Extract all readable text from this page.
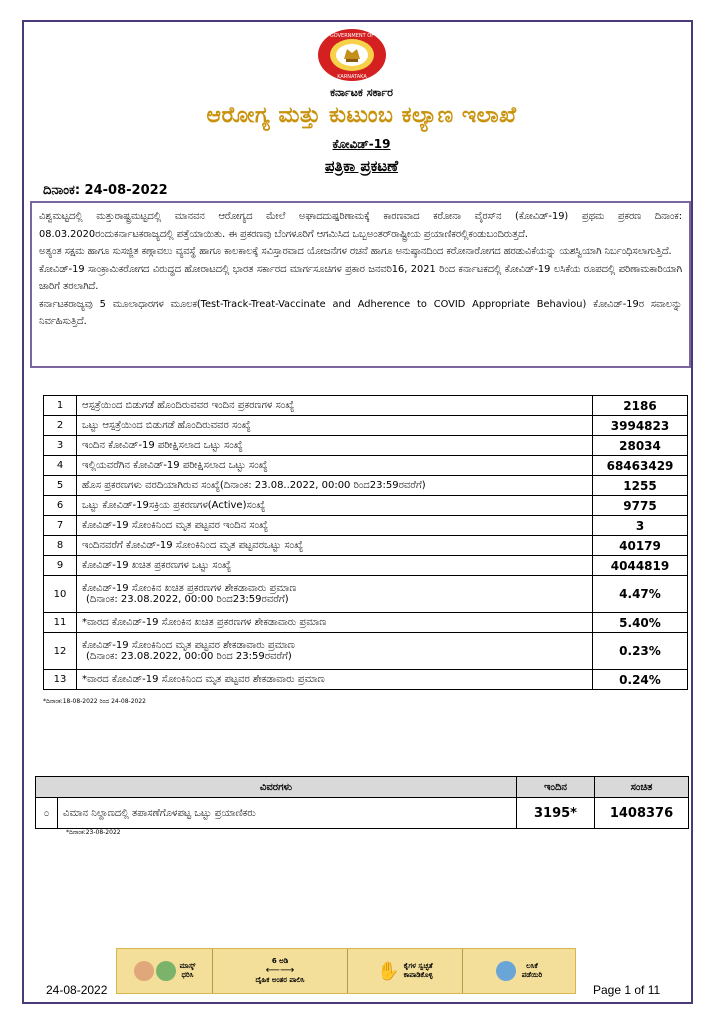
GOVERNMENT OF
KARNATAKA
ಕರ್ನಾಟಕ ಸರ್ಕಾರ
ಆರೋಗ್ಯ ಮತ್ತು ಕುಟುಂಬ ಕಲ್ಯಾಣ ಇಲಾಖೆ
ಕೋವಿಡ್-19
ಪತ್ರಿಕಾ ಪ್ರಕಟಣೆ
ದಿನಾಂಕ: 24-08-2022

ವಿಶ್ವಮಟ್ಟದಲ್ಲಿ ಮತ್ತುರಾಷ್ಟ್ರಮಟ್ಟದಲ್ಲಿ ಮಾನವನ ಆರೋಗ್ಯದ ಮೇಲೆ ಅಘಾದದುಷ್ಪರಿಣಾಮಕ್ಕೆ ಕಾರಣವಾದ ಕರೋನಾ ವೈರಸ್‌ನ (ಕೋವಿಡ್-19) ಪ್ರಥಮ ಪ್ರಕರಣ ದಿನಾಂಕ: 08.03.2020ರಂದುಕರ್ನಾಟಕರಾಜ್ಯದಲ್ಲಿ ಪತ್ತೆಯಾಯಿತು. ಈ ಪ್ರಕರಣವು ಬೆಂಗಳೂರಿಗೆ ಆಗಮಿಸಿದ ಒಬ್ಬಅಂತರ್‌ರಾಷ್ಟ್ರೀಯ ಪ್ರಯಾಣಿಕರಲ್ಲಿಕಂಡುಬಂದಿರುತ್ತದೆ.

ಅತ್ಯಂತ ಸಕ್ಷಮ ಹಾಗೂ ಸುಸಜ್ಜಿತ ಕಣ್ಗಾವಲು ವ್ಯವಸ್ಥೆ ಹಾಗೂ ಕಾಲಕಾಲಕ್ಕೆ ಸವಿಸ್ತಾರವಾದ ಯೋಜನೆಗಳ ರಚನೆ ಹಾಗೂ ಅನುಷ್ಠಾನದಿಂದ ಕರೋನಾರೋಗದ ಹರಡುವಿಕೆಯನ್ನು ಯಶಸ್ವಿಯಾಗಿ ನಿರ್ಬಂಧಿಸಲಾಗುತ್ತಿದೆ.

ಕೋವಿಡ್-19 ಸಾಂಕ್ರಾಮಿಕರೋಗದ ವಿರುದ್ಧದ ಹೋರಾಟದಲ್ಲಿ ಭಾರತ ಸರ್ಕಾರದ ಮಾರ್ಗಸೂಚಿಗಳ ಪ್ರಕಾರ ಜನವರಿ16, 2021 ರಿಂದ ಕರ್ನಾಟಕದಲ್ಲಿ ಕೋವಿಡ್-19 ಲಸಿಕೆಯ ರೂಪದಲ್ಲಿ ಪರಿಣಾಮಕಾರಿಯಾಗಿ ಜಾರಿಗೆ ತರಲಾಗಿದೆ.

ಕರ್ನಾಟಕರಾಜ್ಯವು 5 ಮೂಲಾಧಾರಗಳ ಮೂಲಕ(Test-Track-Treat-Vaccinate and Adherence to COVID Appropriate Behaviou) ಕೋವಿಡ್-19ರ ಸವಾಲನ್ನು ನಿರ್ವಹಿಸುತ್ತಿದೆ.

1	ಆಸ್ಪತ್ರೆಯಿಂದ ಬಿಡುಗಡೆ ಹೊಂದಿರುವವರ ಇಂದಿನ ಪ್ರಕರಣಗಳ ಸಂಖ್ಯೆ	2186
2	ಒಟ್ಟು ಆಸ್ಪತ್ರೆಯಿಂದ ಬಿಡುಗಡೆ ಹೊಂದಿರುವವರ ಸಂಖ್ಯೆ	3994823
3	ಇಂದಿನ ಕೋವಿಡ್-19 ಪರೀಕ್ಷಿಸಲಾದ ಒಟ್ಟು ಸಂಖ್ಯೆ	28034
4	ಇಲ್ಲಿಯವರೆಗಿನ ಕೋವಿಡ್-19 ಪರೀಕ್ಷಿಸಲಾದ ಒಟ್ಟು ಸಂಖ್ಯೆ	68463429
5	ಹೊಸ ಪ್ರಕರಣಗಳು ವರದಿಯಾಗಿರುವ ಸಂಖ್ಯೆ(ದಿನಾಂಕ: 23.08..2022, 00:00 ರಿಂದ23:59ರವರೆಗೆ)	1255
6	ಒಟ್ಟು ಕೋವಿಡ್-19ಸಕ್ರಿಯ ಪ್ರಕರಣಗಳ(Active)ಸಂಖ್ಯೆ	9775
7	ಕೋವಿಡ್-19 ಸೋಂಕಿನಿಂದ ಮೃತ ಪಟ್ಟವರ ಇಂದಿನ ಸಂಖ್ಯೆ	3
8	ಇಂದಿನವರೆಗೆ ಕೋವಿಡ್-19 ಸೋಂಕಿನಿಂದ ಮೃತ ಪಟ್ಟವರಒಟ್ಟು ಸಂಖ್ಯೆ	40179
9	ಕೋವಿಡ್-19 ಖಚಿತ ಪ್ರಕರಣಗಳ ಒಟ್ಟು ಸಂಖ್ಯೆ	4044819
10	ಕೋವಿಡ್-19 ಸೋಂಕಿನ ಖಚಿತ ಪ್ರಕರಣಗಳ ಶೇಕಡಾವಾರು ಪ್ರಮಾಣ
(ದಿನಾಂಕ: 23.08.2022, 00:00 ರಿಂದ23:59ರವರೆಗೆ)	4.47%
11	*ವಾರದ ಕೋವಿಡ್-19 ಸೋಂಕಿನ ಖಚಿತ ಪ್ರಕರಣಗಳ ಶೇಕಡಾವಾರು ಪ್ರಮಾಣ	5.40%
12	ಕೋವಿಡ್-19 ಸೋಂಕಿನಿಂದ ಮೃತ ಪಟ್ಟವರ ಶೇಕಡಾವಾರು ಪ್ರಮಾಣ
(ದಿನಾಂಕ: 23.08.2022, 00:00 ರಿಂದ 23:59ರವರೆಗೆ)	0.23%
13	*ವಾರದ ಕೋವಿಡ್-19 ಸೋಂಕಿನಿಂದ ಮೃತ ಪಟ್ಟವರ ಶೇಕಡಾವಾರು ಪ್ರಮಾಣ	0.24%
*ದಿನಾಂಕ:18-08-2022 ರಿಂದ 24-08-2022
ವಿವರಗಳು		ಇಂದಿನ	ಸಂಚಿತ
೦	ವಿಮಾನ ನಿಲ್ದಾಣದಲ್ಲಿ ತಪಾಸಣೆಗೊಳಪಟ್ಟ ಒಟ್ಟು ಪ್ರಯಾಣಿಕರು	3195*	1408376
*ದಿನಾಂಕ:23-08-2022
ಮಾಸ್ಕ್
ಧರಿಸಿ
6 ಅಡಿ
⟵⟶
ದೈಹಿಕ ಅಂತರ ಪಾಲಿಸಿ	✋ ಕೈಗಳ ಸ್ವಚ್ಛತೆ
ಕಾಪಾಡಿಕೊಳ್ಳಿ
ಲಸಿಕೆ
ಪಡೆಯಿರಿ
24-08-2022	Page 1 of 11
